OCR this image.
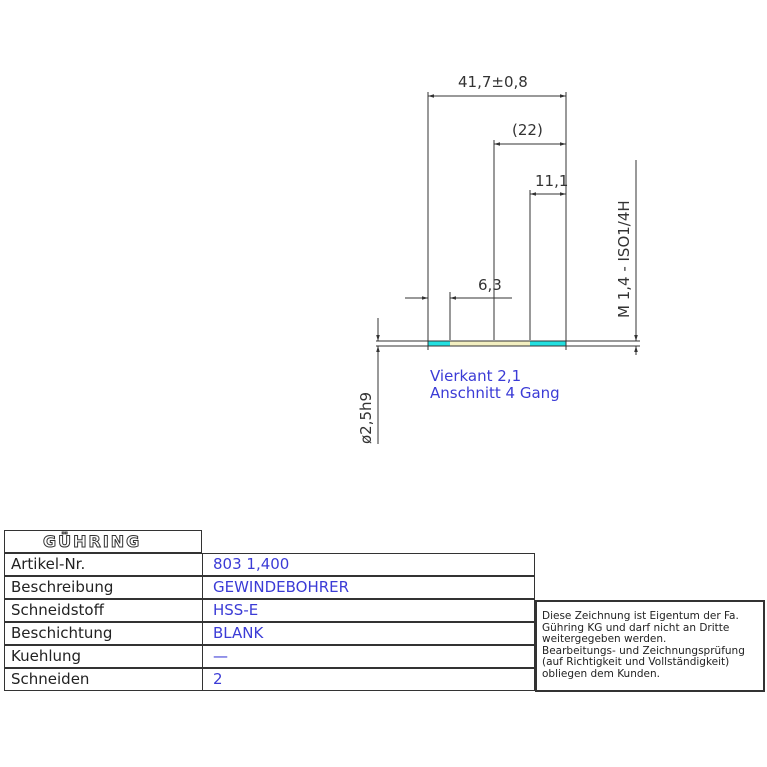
41,7±0,8
(22)
11,1
6,3	M 1,4 - ISO1/4H
ø2,5h9
Vierkant 2,1
Anschnitt 4 Gang
GÜHRING
Artikel-Nr.	803 1,400
Beschreibung	GEWINDEBOHRER
Schneidstoff	HSS-E
Beschichtung	BLANK
Kuehlung	—
Schneiden	2
Diese Zeichnung ist Eigentum der Fa.
Gühring KG und darf nicht an Dritte
weitergegeben werden.
Bearbeitungs- und Zeichnungsprüfung
(auf Richtigkeit und Vollständigkeit)
obliegen dem Kunden.
